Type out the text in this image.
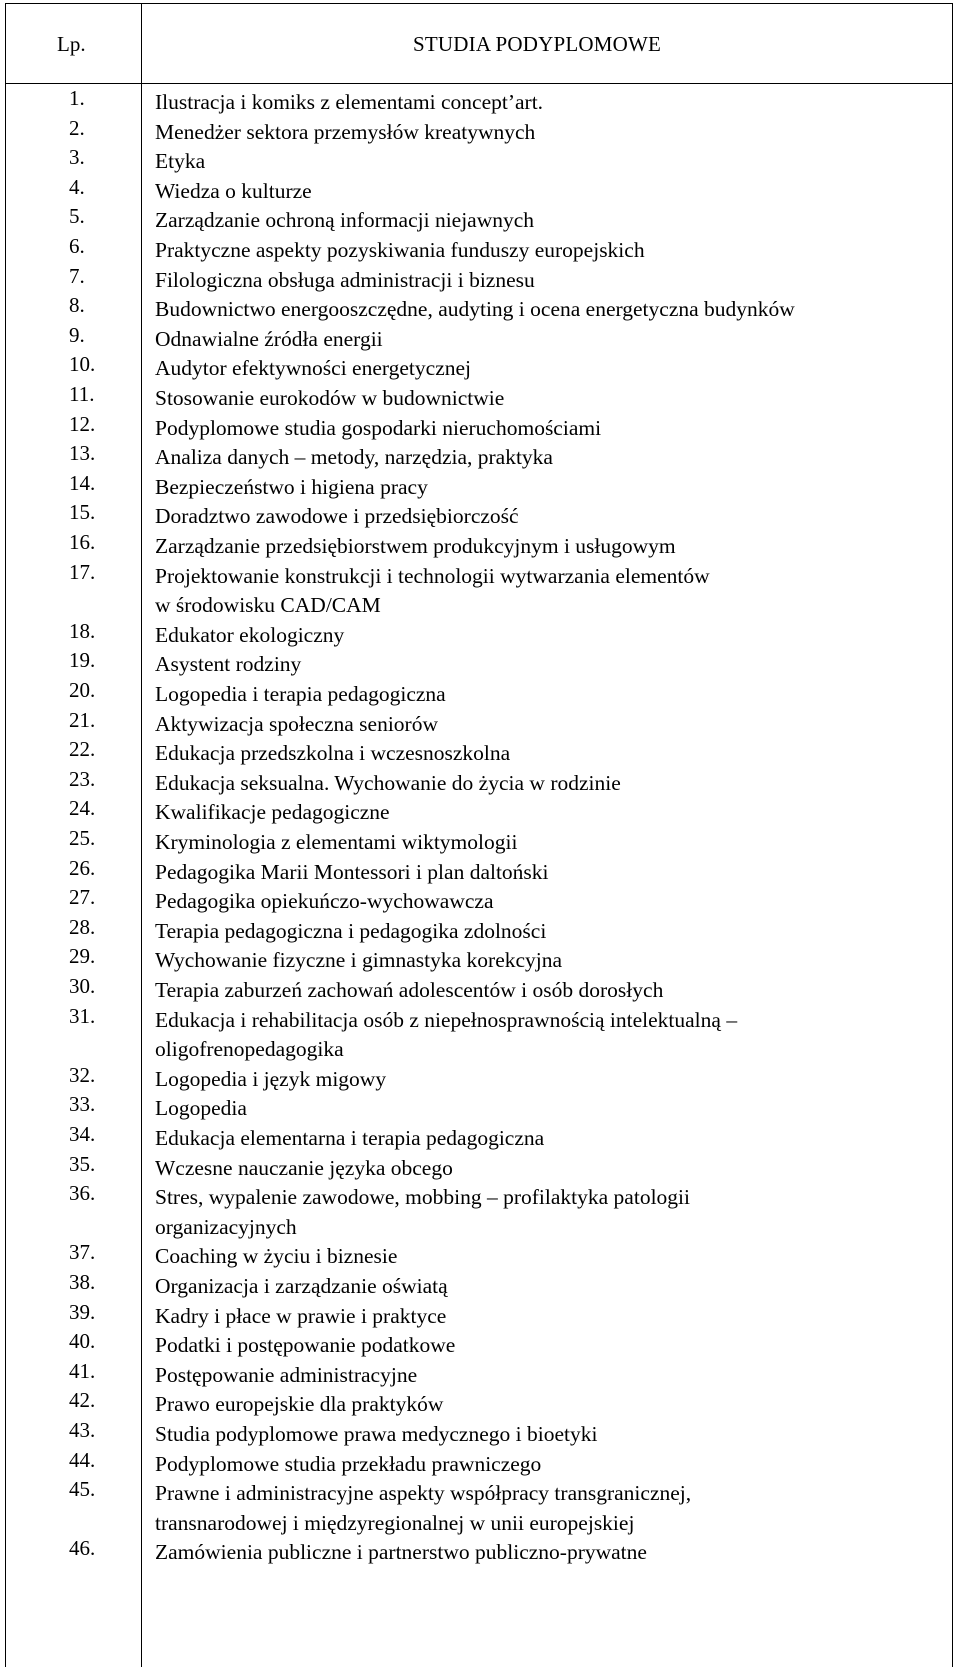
Lp.	STUDIA PODYPLOMOWE
1.	Ilustracja i komiks z elementami concept’art.
2.	Menedżer sektora przemysłów kreatywnych
3.	Etyka
4.	Wiedza o kulturze
5.	Zarządzanie ochroną informacji niejawnych
6.	Praktyczne aspekty pozyskiwania funduszy europejskich
7.	Filologiczna obsługa administracji i biznesu
8.	Budownictwo energooszczędne, audyting i ocena energetyczna budynków
9.	Odnawialne źródła energii
10.	Audytor efektywności energetycznej
11.	Stosowanie eurokodów w budownictwie
12.	Podyplomowe studia gospodarki nieruchomościami
13.	Analiza danych – metody, narzędzia, praktyka
14.	Bezpieczeństwo i higiena pracy
15.	Doradztwo zawodowe i przedsiębiorczość
16.	Zarządzanie przedsiębiorstwem produkcyjnym i usługowym
17.	Projektowanie konstrukcji i technologii wytwarzania elementów
w środowisku CAD/CAM
18.	Edukator ekologiczny
19.	Asystent rodziny
20.	Logopedia i terapia pedagogiczna
21.	Aktywizacja społeczna seniorów
22.	Edukacja przedszkolna i wczesnoszkolna
23.	Edukacja seksualna. Wychowanie do życia w rodzinie
24.	Kwalifikacje pedagogiczne
25.	Kryminologia z elementami wiktymologii
26.	Pedagogika Marii Montessori i plan daltoński
27.	Pedagogika opiekuńczo-wychowawcza
28.	Terapia pedagogiczna i pedagogika zdolności
29.	Wychowanie fizyczne i gimnastyka korekcyjna
30.	Terapia zaburzeń zachowań adolescentów i osób dorosłych
31.	Edukacja i rehabilitacja osób z niepełnosprawnością intelektualną –
oligofrenopedagogika
32.	Logopedia i język migowy
33.	Logopedia
34.	Edukacja elementarna i terapia pedagogiczna
35.	Wczesne nauczanie języka obcego
36.	Stres, wypalenie zawodowe, mobbing – profilaktyka patologii
organizacyjnych
37.	Coaching w życiu i biznesie
38.	Organizacja i zarządzanie oświatą
39.	Kadry i płace w prawie i praktyce
40.	Podatki i postępowanie podatkowe
41.	Postępowanie administracyjne
42.	Prawo europejskie dla praktyków
43.	Studia podyplomowe prawa medycznego i bioetyki
44.	Podyplomowe studia przekładu prawniczego
45.	Prawne i administracyjne aspekty współpracy transgranicznej,
transnarodowej i międzyregionalnej w unii europejskiej
46.	Zamówienia publiczne i partnerstwo publiczno-prywatne
